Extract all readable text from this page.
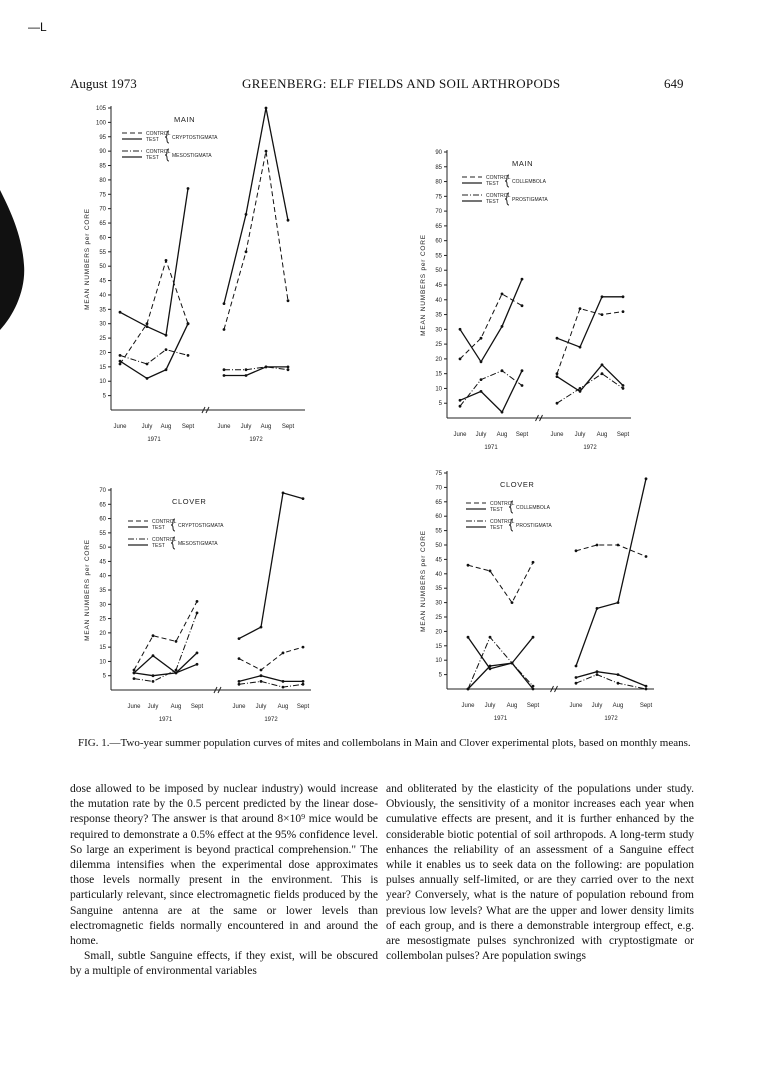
—L
August 1973	GREENBERG: ELF FIELDS AND SOIL ARTHROPODS	649
5
10
15
20
25
30
35
40
45
50
55
60
65
70
75
80
85
90
95
100
105
MEAN NUMBERS per CORE
June	July Aug Sept
1971
June July Aug Sept
1972
MAIN
CONTROL
TEST	CRYPTOSTIGMATA
CONTROL
TEST	MESOSTIGMATA
5
10
15
20
25
30
35
40
45
50
55
60
65
70
75
80
85
90
MEAN NUMBERS per CORE
June July Aug Sept
1971
June July Aug Sept
1972
MAIN
CONTROL
TEST	COLLEMBOLA
CONTROL
TEST	PROSTIGMATA
5
10
15
20
25
30
35
40
45
50
55
60
65
70
MEAN NUMBERS per CORE
June July Aug Sept
1971
June July Aug Sept
1972
CLOVER
CONTROL
TEST	CRYPTOSTIGMATA
CONTROL
TEST	MESOSTIGMATA
5
10
15
20
25
30
35
40
45
50
55
60
65
70
75
MEAN NUMBERS per CORE
June July Aug Sept
1971
June July Aug	Sept
1972
CLOVER
CONTROL
TEST	COLLEMBOLA
CONTROL
TEST	PROSTIGMATA
FIG. 1.—Two-year summer population curves of mites and collembolans in Main and Clover experimental plots, based on monthly means.

dose allowed to be imposed by nuclear industry) would increase the mutation rate by the 0.5 percent predicted by the linear dose-response theory? The answer is that around 8×10⁹ mice would be required to demonstrate a 0.5% effect at the 95% confidence level. So large an experiment is beyond practical comprehension." The dilemma intensifies when the experimental dose approximates those levels normally present in the environment. This is particularly relevant, since electromagnetic fields produced by the Sanguine antenna are at the same or lower levels than electromagnetic fields normally encountered in and around the home.

Small, subtle Sanguine effects, if they exist, will be obscured by a multiple of environmental variables

and obliterated by the elasticity of the populations under study. Obviously, the sensitivity of a monitor increases each year when cumulative effects are present, and it is further enhanced by the considerable biotic potential of soil arthropods. A long-term study enhances the reliability of an assessment of a Sanguine effect while it enables us to seek data on the following: are population pulses annually self-limited, or are they carried over to the next year? Conversely, what is the nature of population rebound from previous low levels? What are the upper and lower density limits of each group, and is there a demonstrable intergroup effect, e.g. are mesostigmate pulses synchronized with cryptostigmate or collembolan pulses? Are population swings
